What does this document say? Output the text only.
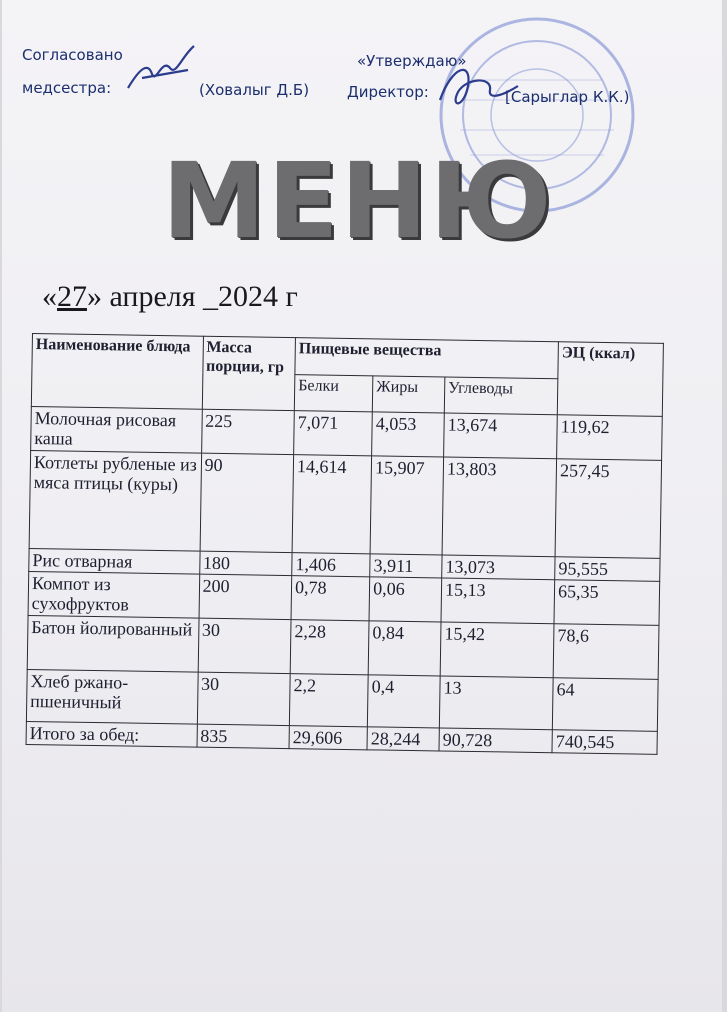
Согласовано
медсестра:	(Ховалыг Д.Б)
«Утверждаю»
Директор:	[Сарыглар К.К.)
МЕНЮ
«27» апреля _2024 г
Наименование блюда	Масса порции, гр	Пищевые вещества			ЭЦ (ккал)
		Белки	Жиры	Углеводы	
Молочная рисовая каша	225	7,071	4,053	13,674	119,62
Котлеты рубленые из мяса птицы (куры)	90	14,614	15,907	13,803	257,45
Рис отварная	180	1,406	3,911	13,073	95,555
Компот из сухофруктов	200	0,78	0,06	15,13	65,35
Батон йолированный	30	2,28	0,84	15,42	78,6
Хлеб ржано-пшеничный	30	2,2	0,4	13	64
Итого за обед:	835	29,606	28,244	90,728	740,545
